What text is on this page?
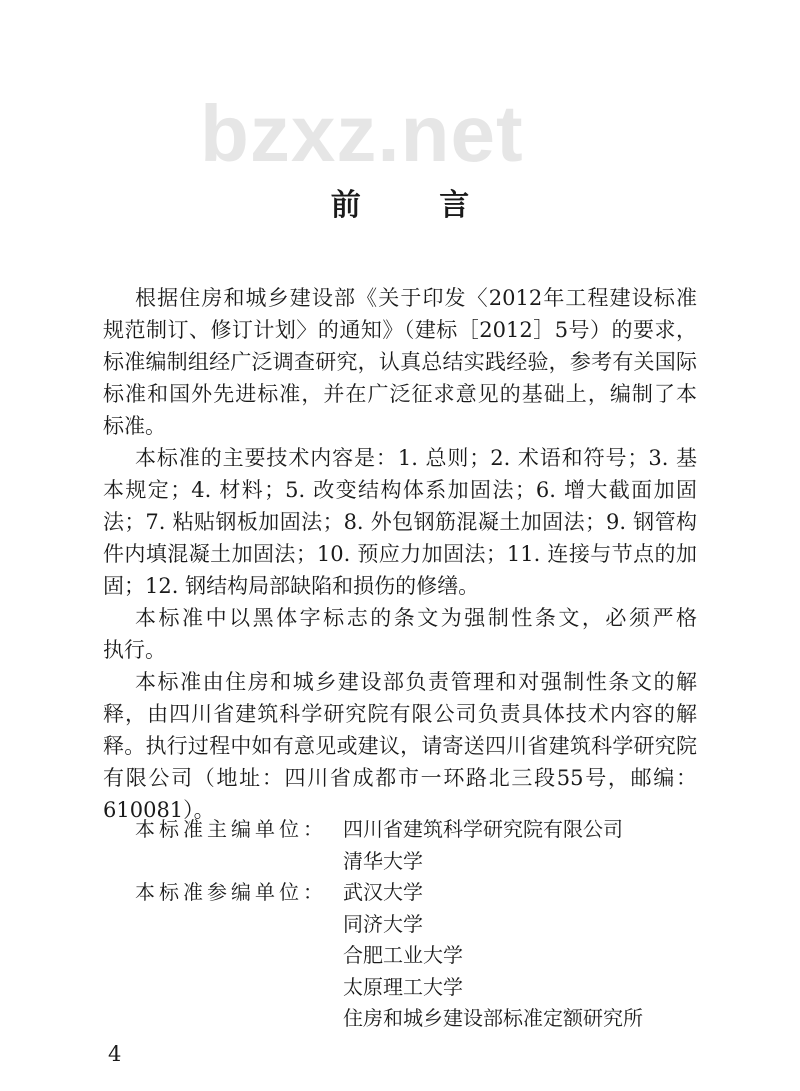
bzxz.net
前 言
根据住房和城乡建设部《关于印发〈2012年工程建设标准
规范制订、修订计划〉的通知》（建标［2012］5号）的要求，
标准编制组经广泛调查研究，认真总结实践经验，参考有关国际
标准和国外先进标准，并在广泛征求意见的基础上，编制了本
标准。
本标准的主要技术内容是：1. 总则；2. 术语和符号；3. 基
本规定；4. 材料；5. 改变结构体系加固法；6. 增大截面加固
法；7. 粘贴钢板加固法；8. 外包钢筋混凝土加固法；9. 钢管构
件内填混凝土加固法；10. 预应力加固法；11. 连接与节点的加
固；12. 钢结构局部缺陷和损伤的修缮。
本标准中以黑体字标志的条文为强制性条文，必须严格
执行。
本标准由住房和城乡建设部负责管理和对强制性条文的解
释，由四川省建筑科学研究院有限公司负责具体技术内容的解
释。执行过程中如有意见或建议，请寄送四川省建筑科学研究院
有限公司（地址：四川省成都市一环路北三段55号，邮编：
610081）。
本标准主编单位： 四川省建筑科学研究院有限公司
清华大学
本标准参编单位： 武汉大学
同济大学
合肥工业大学
太原理工大学
住房和城乡建设部标准定额研究所
4
